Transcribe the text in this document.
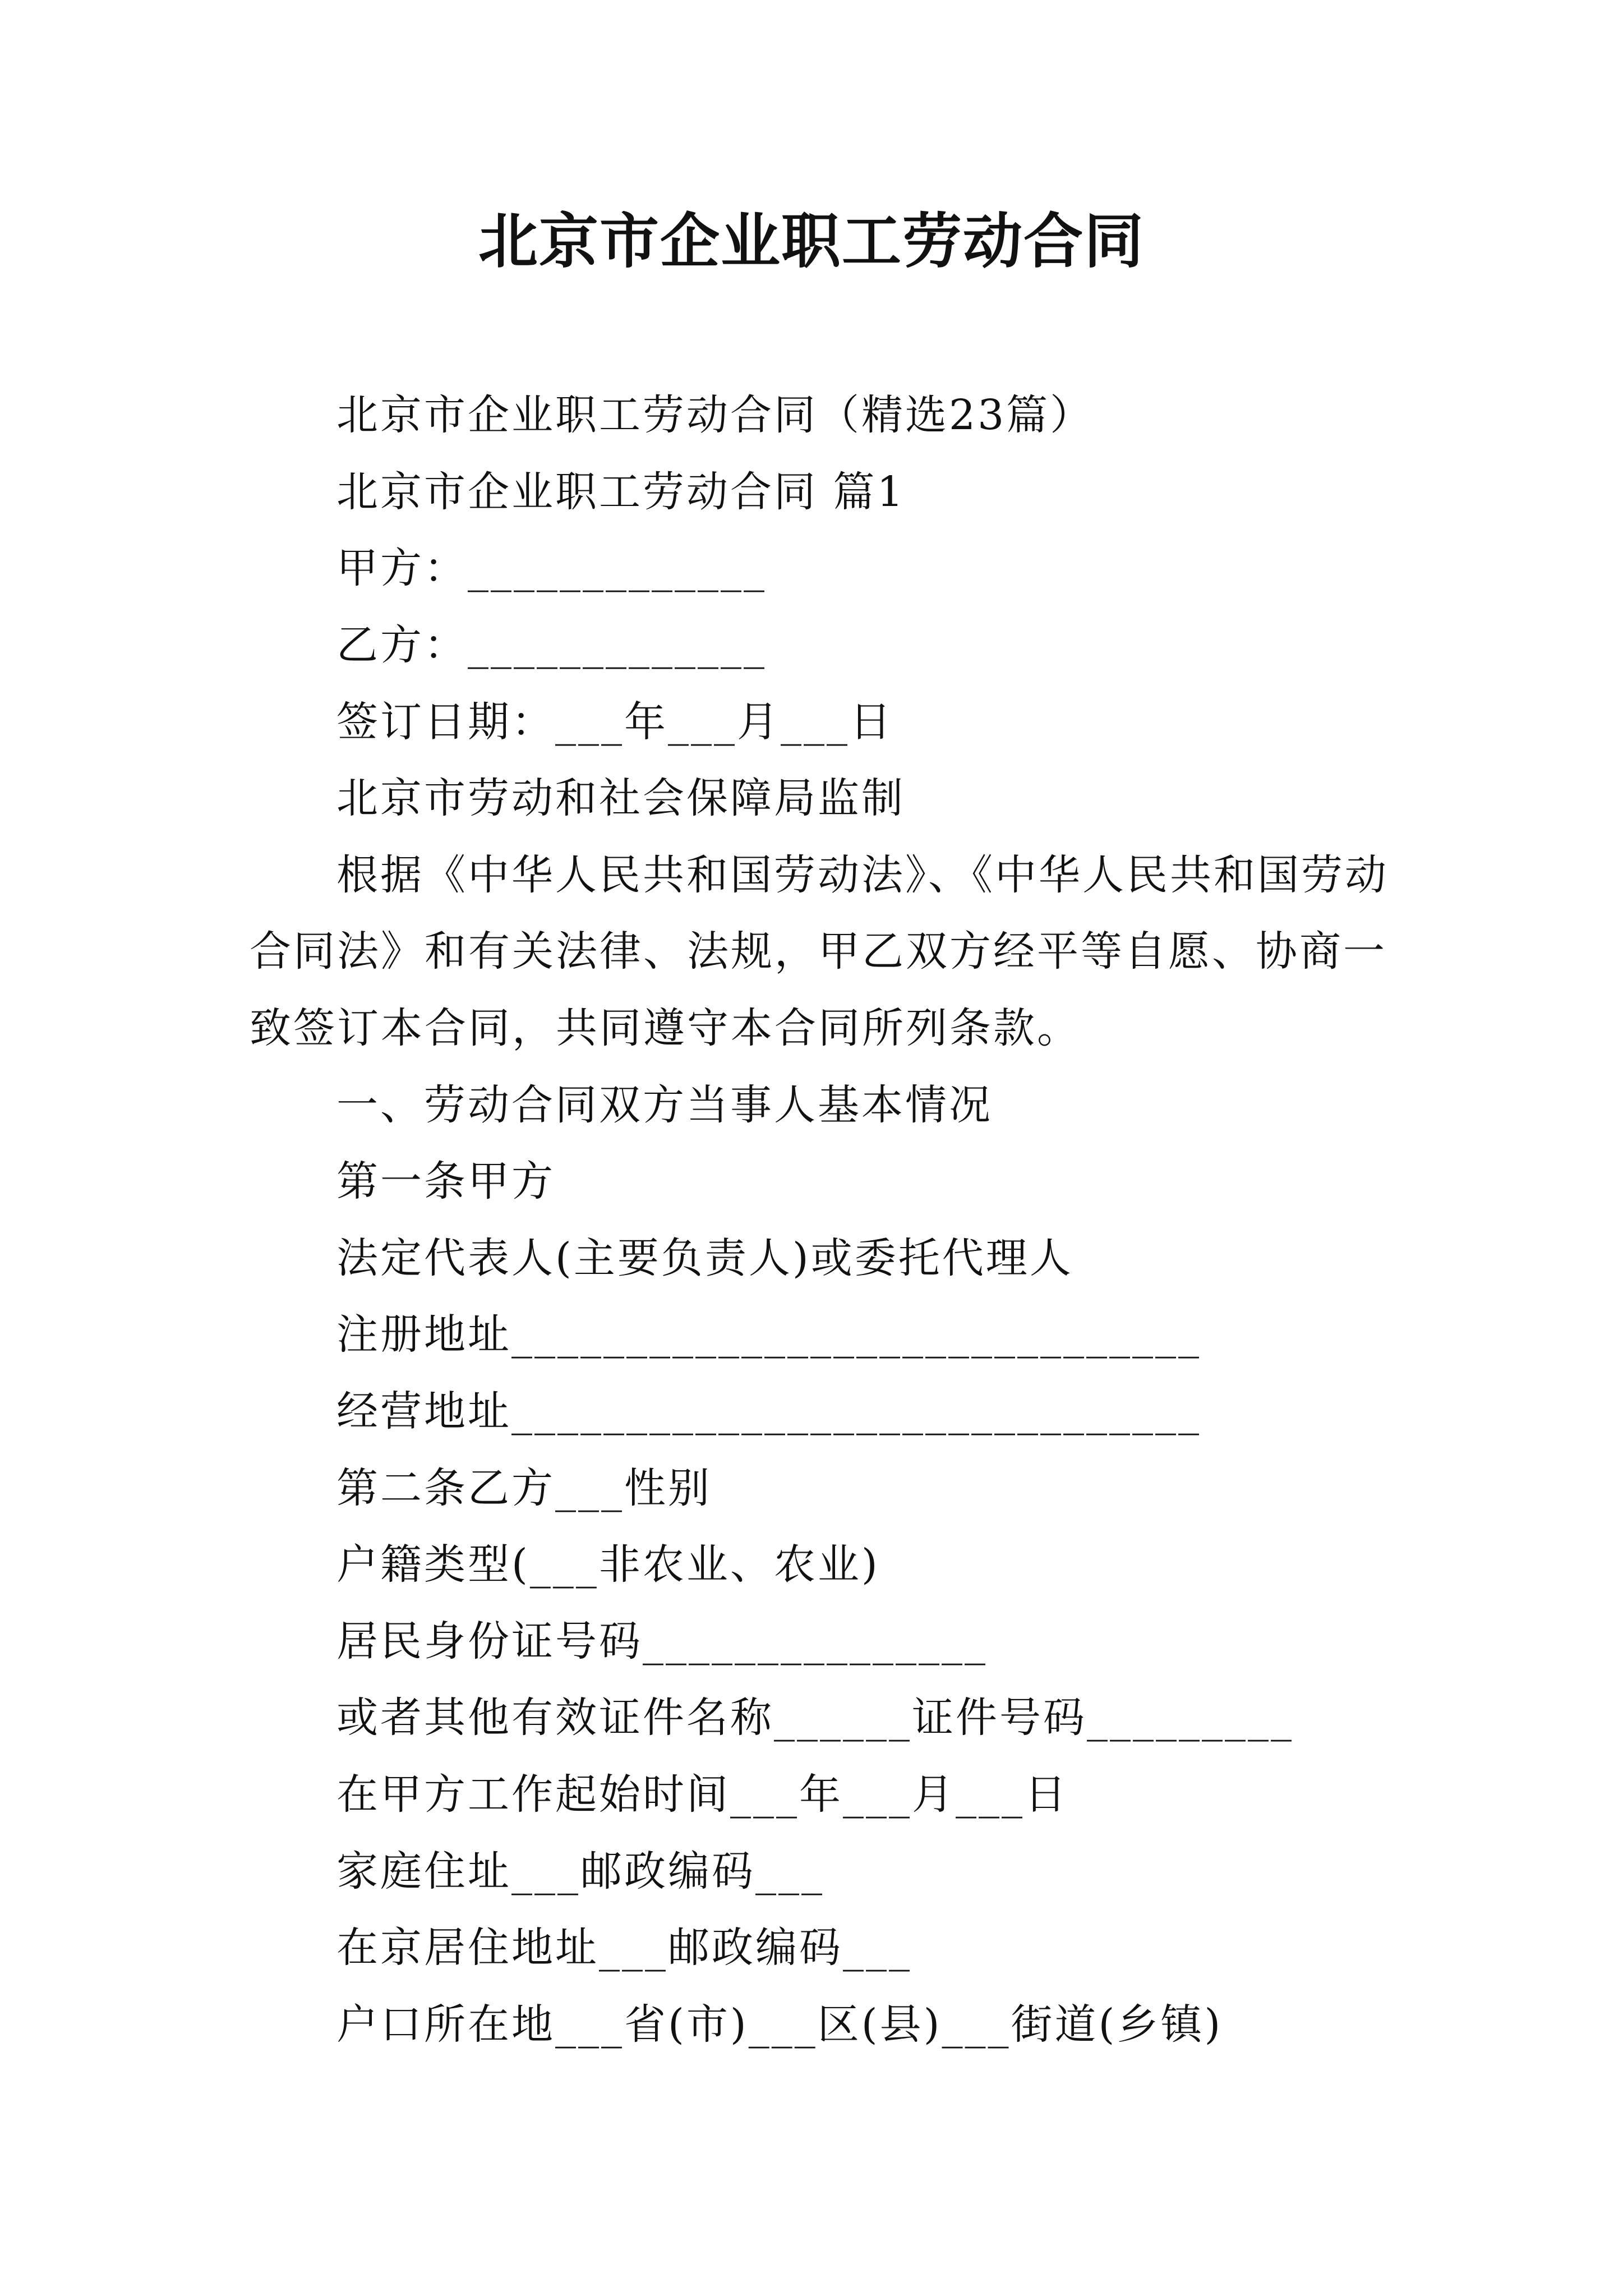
北京市企业职工劳动合同
北京市企业职工劳动合同（精选23篇）
北京市企业职工劳动合同 篇1
甲方：_____________
乙方：_____________
签订日期：___年___月___日
北京市劳动和社会保障局监制
根据《中华人民共和国劳动法》、《中华人民共和国劳动
合同法》和有关法律、法规，甲乙双方经平等自愿、协商一
致签订本合同，共同遵守本合同所列条款。
一、劳动合同双方当事人基本情况
第一条甲方
法定代表人(主要负责人)或委托代理人
注册地址______________________________
经营地址______________________________
第二条乙方___性别
户籍类型(___非农业、农业)
居民身份证号码_______________
或者其他有效证件名称______证件号码_________
在甲方工作起始时间___年___月___日
家庭住址___邮政编码___
在京居住地址___邮政编码___
户口所在地___省(市)___区(县)___街道(乡镇)
